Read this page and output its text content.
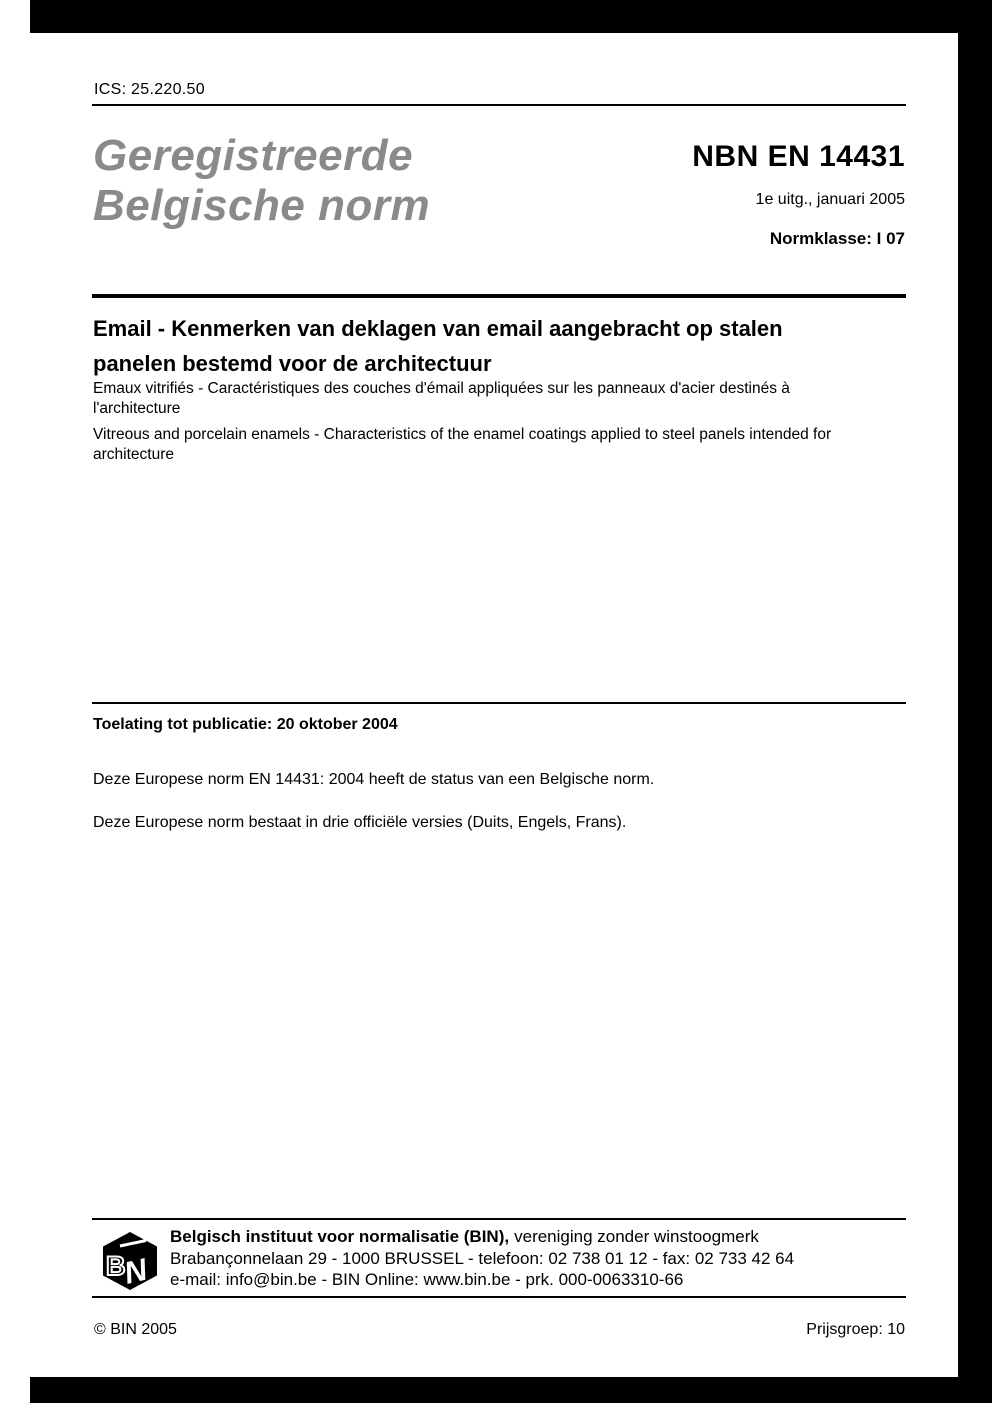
ICS: 25.220.50
Geregistreerde
Belgische norm
NBN EN 14431
1e uitg., januari 2005
Normklasse: I 07
Email - Kenmerken van deklagen van email aangebracht op stalen panelen bestemd voor de architectuur
Emaux vitrifiés - Caractéristiques des couches d'émail appliquées sur les panneaux d'acier destinés à l'architecture
Vitreous and porcelain enamels - Characteristics of the enamel coatings applied to steel panels intended for architecture
Toelating tot publicatie: 20 oktober 2004
Deze Europese norm EN 14431: 2004 heeft de status van een Belgische norm.
Deze Europese norm bestaat in drie officiële versies (Duits, Engels, Frans).
B
N
Belgisch instituut voor normalisatie (BIN), vereniging zonder winstoogmerk
Brabançonnelaan 29 - 1000 BRUSSEL - telefoon: 02 738 01 12 - fax: 02 733 42 64
e-mail: info@bin.be - BIN Online: www.bin.be - prk. 000-0063310-66
© BIN 2005	Prijsgroep: 10
